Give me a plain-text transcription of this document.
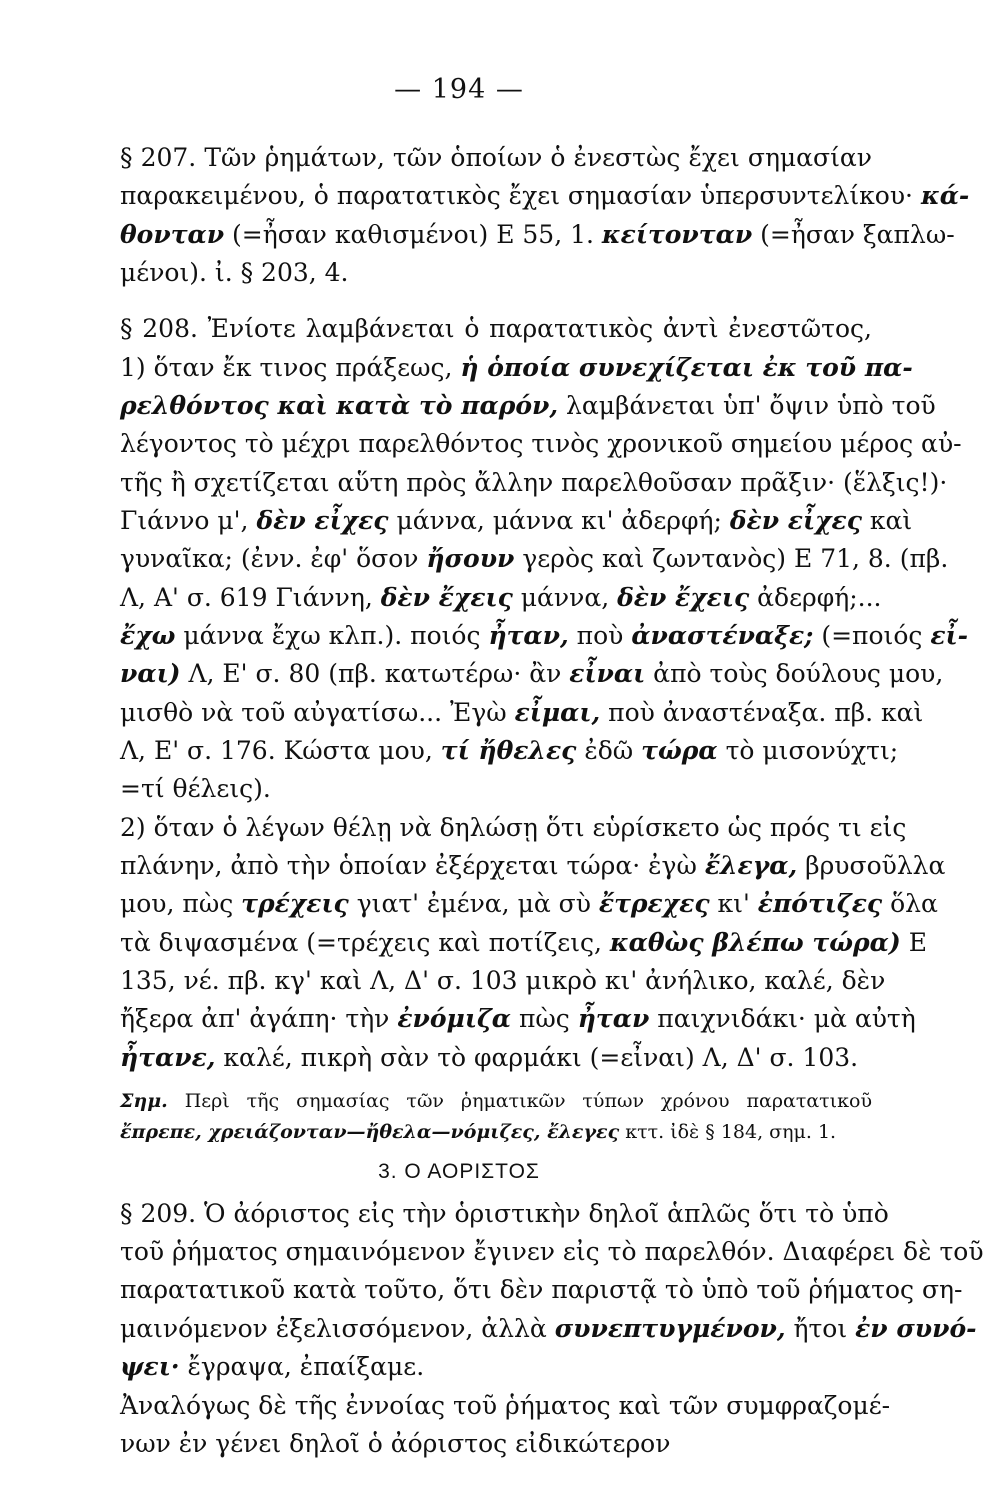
— 194 —
§ 207. Τῶν ῥημάτων, τῶν ὁποίων ὁ ἐνεστὼς ἔχει σημασίαν
παρακειμένου, ὁ παρατατικὸς ἔχει σημασίαν ὑπερσυντελίκου· κά-
θονταν (=ἦσαν καθισμένοι) Ε 55, 1. κείτονταν (=ἦσαν ξαπλω-
μένοι). ἰ. § 203, 4.
§ 208. Ἐνίοτε λαμβάνεται ὁ παρατατικὸς ἀντὶ ἐνεστῶτος,
1) ὅταν ἔκ τινος πράξεως, ἡ ὁποία συνεχίζεται ἐκ τοῦ πα-
ρελθόντος καὶ κατὰ τὸ παρόν, λαμβάνεται ὑπ' ὄψιν ὑπὸ τοῦ
λέγοντος τὸ μέχρι παρελθόντος τινὸς χρονικοῦ σημείου μέρος αὐ-
τῆς ἢ σχετίζεται αὕτη πρὸς ἄλλην παρελθοῦσαν πρᾶξιν· (ἕλξις!)·
Γιάννο μ', δὲν εἶχες μάννα, μάννα κι' ἀδερφή; δὲν εἶχες καὶ
γυναῖκα; (ἐνν. ἐφ' ὅσον ἤσουν γερὸς καὶ ζωντανὸς) Ε 71, 8. (πβ.
Λ, Α' σ. 619 Γιάννη, δὲν ἔχεις μάννα, δὲν ἔχεις ἀδερφή;...
ἔχω μάννα ἔχω κλπ.). ποιός ἦταν, ποὺ ἀναστέναξε; (=ποιός εἶ-
ναι) Λ, Ε' σ. 80 (πβ. κατωτέρω· ἂν εἶναι ἀπὸ τοὺς δούλους μου,
μισθὸ νὰ τοῦ αὐγατίσω... Ἐγὼ εἶμαι, ποὺ ἀναστέναξα. πβ. καὶ
Λ, Ε' σ. 176. Κώστα μου, τί ἤθελες ἐδῶ τώρα τὸ μισονύχτι;
=τί θέλεις).
2) ὅταν ὁ λέγων θέλῃ νὰ δηλώσῃ ὅτι εὑρίσκετο ὡς πρός τι εἰς
πλάνην, ἀπὸ τὴν ὁποίαν ἐξέρχεται τώρα· ἐγὼ ἔλεγα, βρυσοῦλλα
μου, πὼς τρέχεις γιατ' ἐμένα, μὰ σὺ ἔτρεχες κι' ἐπότιζες ὅλα
τὰ διψασμένα (=τρέχεις καὶ ποτίζεις, καθὼς βλέπω τώρα) Ε
135, νέ. πβ. κγ' καὶ Λ, Δ' σ. 103 μικρὸ κι' ἀνήλικο, καλέ, δὲν
ἤξερα ἀπ' ἀγάπη· τὴν ἐνόμιζα πὼς ἦταν παιχνιδάκι· μὰ αὐτὴ
ἦτανε, καλέ, πικρὴ σὰν τὸ φαρμάκι (=εἶναι) Λ, Δ' σ. 103.
Σημ. Περὶ τῆς σημασίας τῶν ῥηματικῶν τύπων χρόνου παρατατικοῦ
ἔπρεπε, χρειάζονταν—ἤθελα—νόμιζες, ἔλεγες κττ. ἰδὲ § 184, σημ. 1.
3. Ο ΑΟΡΙΣΤΟΣ
§ 209. Ὁ ἀόριστος εἰς τὴν ὁριστικὴν δηλοῖ ἁπλῶς ὅτι τὸ ὑπὸ
τοῦ ῥήματος σημαινόμενον ἔγινεν εἰς τὸ παρελθόν. Διαφέρει δὲ τοῦ
παρατατικοῦ κατὰ τοῦτο, ὅτι δὲν παριστᾷ τὸ ὑπὸ τοῦ ῥήματος ση-
μαινόμενον ἐξελισσόμενον, ἀλλὰ συνεπτυγμένον, ἤτοι ἐν συνό-
ψει· ἔγραψα, ἐπαίξαμε.
Ἀναλόγως δὲ τῆς ἐννοίας τοῦ ῥήματος καὶ τῶν συμφραζομέ-
νων ἐν γένει δηλοῖ ὁ ἀόριστος εἰδικώτερον
